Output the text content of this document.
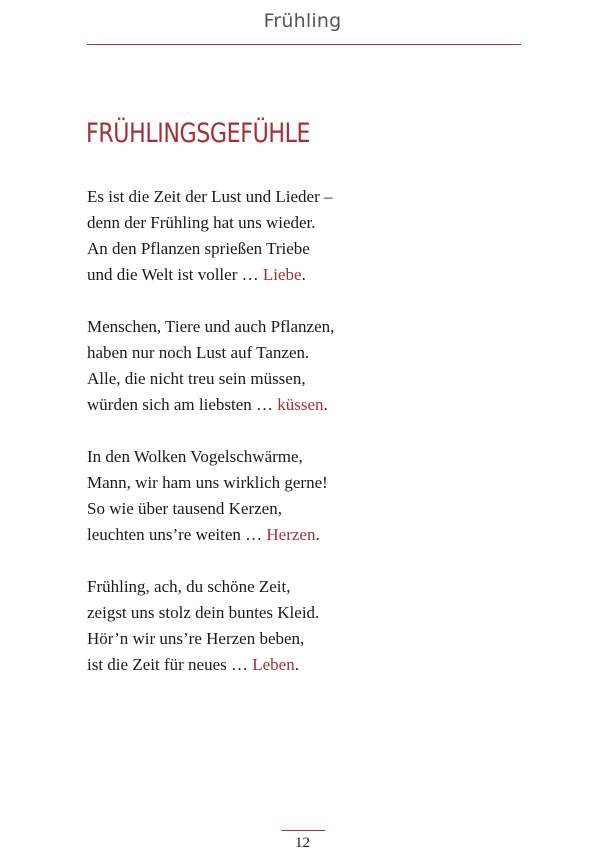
Frühling
FRÜHLINGSGEFÜHLE
Es ist die Zeit der Lust und Lieder –
denn der Frühling hat uns wieder.
An den Pflanzen sprießen Triebe
und die Welt ist voller … Liebe.
Menschen, Tiere und auch Pflanzen,
haben nur noch Lust auf Tanzen.
Alle, die nicht treu sein müssen,
würden sich am liebsten … küssen.
In den Wolken Vogelschwärme,
Mann, wir ham uns wirklich gerne!
So wie über tausend Kerzen,
leuchten uns’re weiten … Herzen.
Frühling, ach, du schöne Zeit,
zeigst uns stolz dein buntes Kleid.
Hör’n wir uns’re Herzen beben,
ist die Zeit für neues … Leben.
12
